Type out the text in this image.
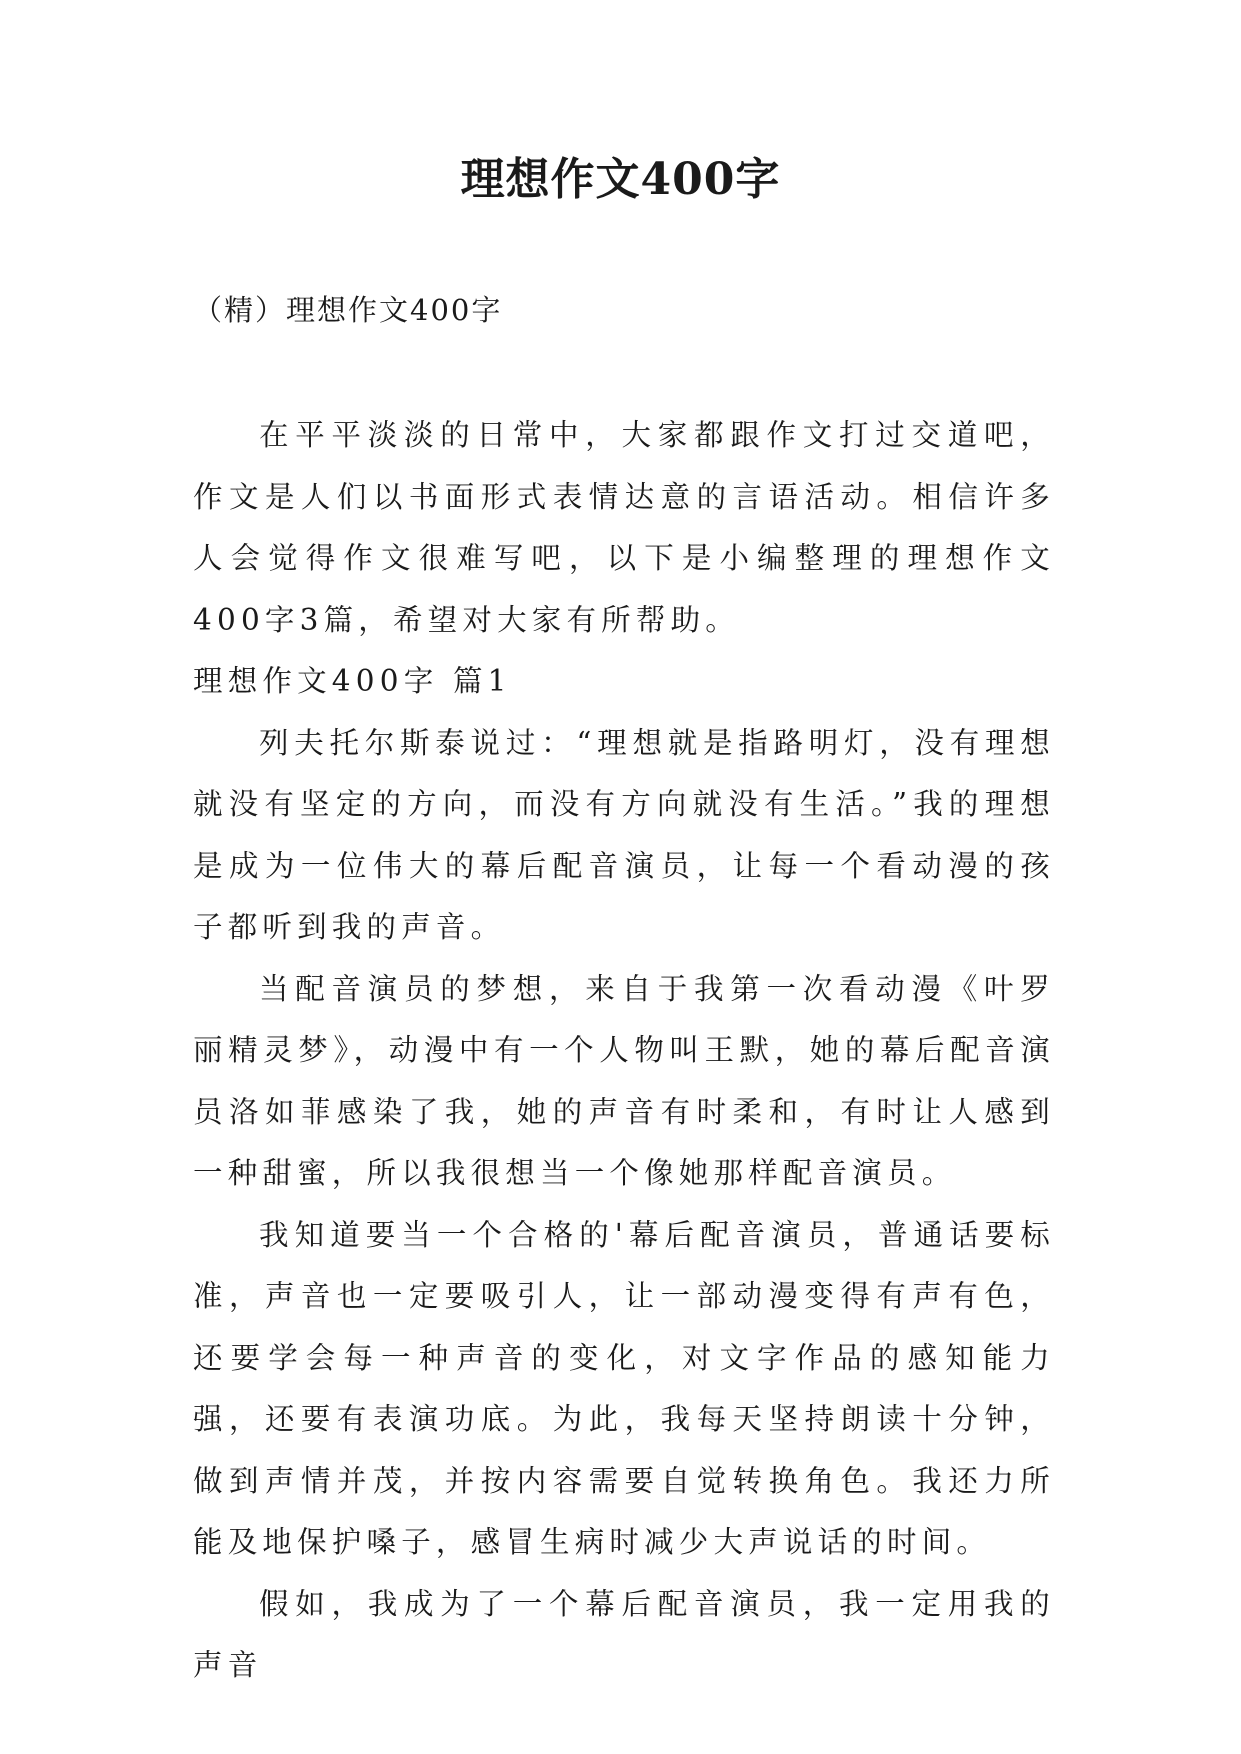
理想作文400字
（精）理想作文400字

在平平淡淡的日常中，大家都跟作文打过交道吧，作文是人们以书面形式表情达意的言语活动。相信许多人会觉得作文很难写吧，以下是小编整理的理想作文400字3篇，希望对大家有所帮助。

理想作文400字 篇1

列夫托尔斯泰说过：“理想就是指路明灯，没有理想就没有坚定的方向，而没有方向就没有生活。”我的理想是成为一位伟大的幕后配音演员，让每一个看动漫的孩子都听到我的声音。

当配音演员的梦想，来自于我第一次看动漫《叶罗丽精灵梦》，动漫中有一个人物叫王默，她的幕后配音演员洛如菲感染了我，她的声音有时柔和，有时让人感到一种甜蜜，所以我很想当一个像她那样配音演员。

我知道要当一个合格的'幕后配音演员，普通话要标准，声音也一定要吸引人，让一部动漫变得有声有色，还要学会每一种声音的变化，对文字作品的感知能力强，还要有表演功底。为此，我每天坚持朗读十分钟，做到声情并茂，并按内容需要自觉转换角色。我还力所能及地保护嗓子，感冒生病时减少大声说话的时间。

假如，我成为了一个幕后配音演员，我一定用我的声音
